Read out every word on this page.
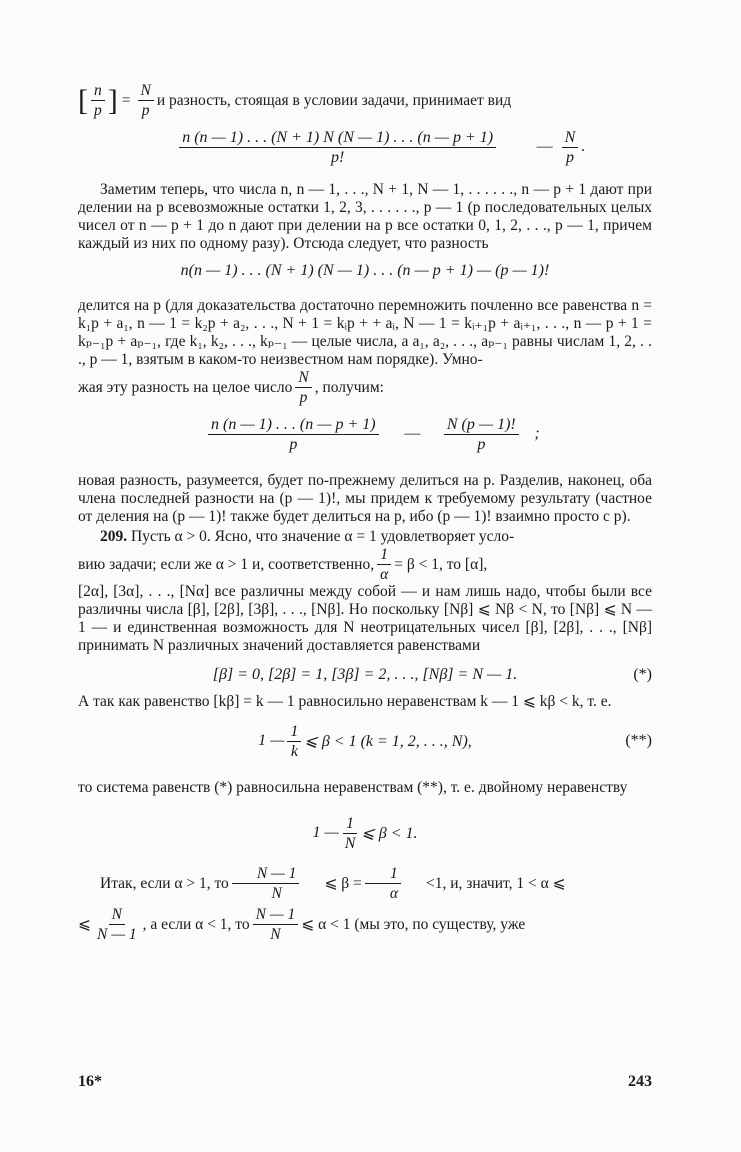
[ $\frac{n}{p}$ ] = $\frac{N}{p}$ и разность, стоящая в условии задачи, принимает вид

$\frac{n (n — 1) . . . (N + 1) N (N — 1) . . . (n — p + 1)}{p!}$ — $\frac{N}{p}$ .

Заметим теперь, что числа n, n — 1, . . ., N + 1, N — 1, . . . . . ., n — p + 1 дают при делении на p всевозможные остатки 1, 2, 3, . . . . . ., p — 1 (p последовательных целых чисел от n — p + 1 до n дают при делении на p все остатки 0, 1, 2, . . ., p — 1, причем каждый из них по одному разу). Отсюда следует, что разность

n(n — 1) . . . (N + 1) (N — 1) . . . (n — p + 1) — (p — 1)!

делится на p (для доказательства достаточно перемножить почленно все равенства n = k₁p + a₁, n — 1 = k₂p + a₂, . . ., N + 1 = kᵢp + + aᵢ, N — 1 = kᵢ₊₁p + aᵢ₊₁, . . ., n — p + 1 = kₚ₋₁p + aₚ₋₁, где k₁, k₂, . . ., kₚ₋₁ — целые числа, а a₁, a₂, . . ., aₚ₋₁ равны числам 1, 2, . . ., p — 1, взятым в каком-то неизвестном нам порядке). Умно-

жая эту разность на целое число $\frac{N}{p}$ , получим:

$\frac{n (n — 1) . . . (n — p + 1)}{p}$ — $\frac{N (p — 1)!}{p}$ ;

новая разность, разумеется, будет по-прежнему делиться на p. Разделив, наконец, оба члена последней разности на (p — 1)!, мы придем к требуемому результату (частное от деления на (p — 1)! также будет делиться на p, ибо (p — 1)! взаимно просто с p).

209. Пусть α > 0. Ясно, что значение α = 1 удовлетворяет усло-

вию задачи; если же α > 1 и, соответственно, $\frac{1}{\alpha} = \beta < 1$, то [α],

[2α], [3α], . . ., [Nα] все различны между собой — и нам лишь надо, чтобы были все различны числа [β], [2β], [3β], . . ., [Nβ]. Но поскольку [Nβ] ⩽ Nβ < N, то [Nβ] ⩽ N — 1 — и единственная возможность для N неотрицательных чисел [β], [2β], . . ., [Nβ] принимать N различных значений доставляется равенствами

[β] = 0, [2β] = 1, [3β] = 2, . . ., [Nβ] = N — 1.	(*)

А так как равенство [kβ] = k — 1 равносильно неравенствам k — 1 ⩽ kβ < k, т. е.

1 — $\frac{1}{k}$ ⩽ β < 1 (k = 1, 2, . . ., N),	(**)

то система равенств (*) равносильна неравенствам (**), т. е. двойному неравенству

1 — $\frac{1}{N}$ ⩽ β < 1.

Итак, если α > 1, то $\frac{N — 1}{N}$	⩽ $\beta = \frac{1}{\alpha}$	<1, и, значит, 1 < α ⩽

⩽ $\frac{N}{N — 1}$ , а если α < 1, то $\frac{N — 1}{N}$ ⩽ α < 1 (мы это, по существу, уже

16*	243
